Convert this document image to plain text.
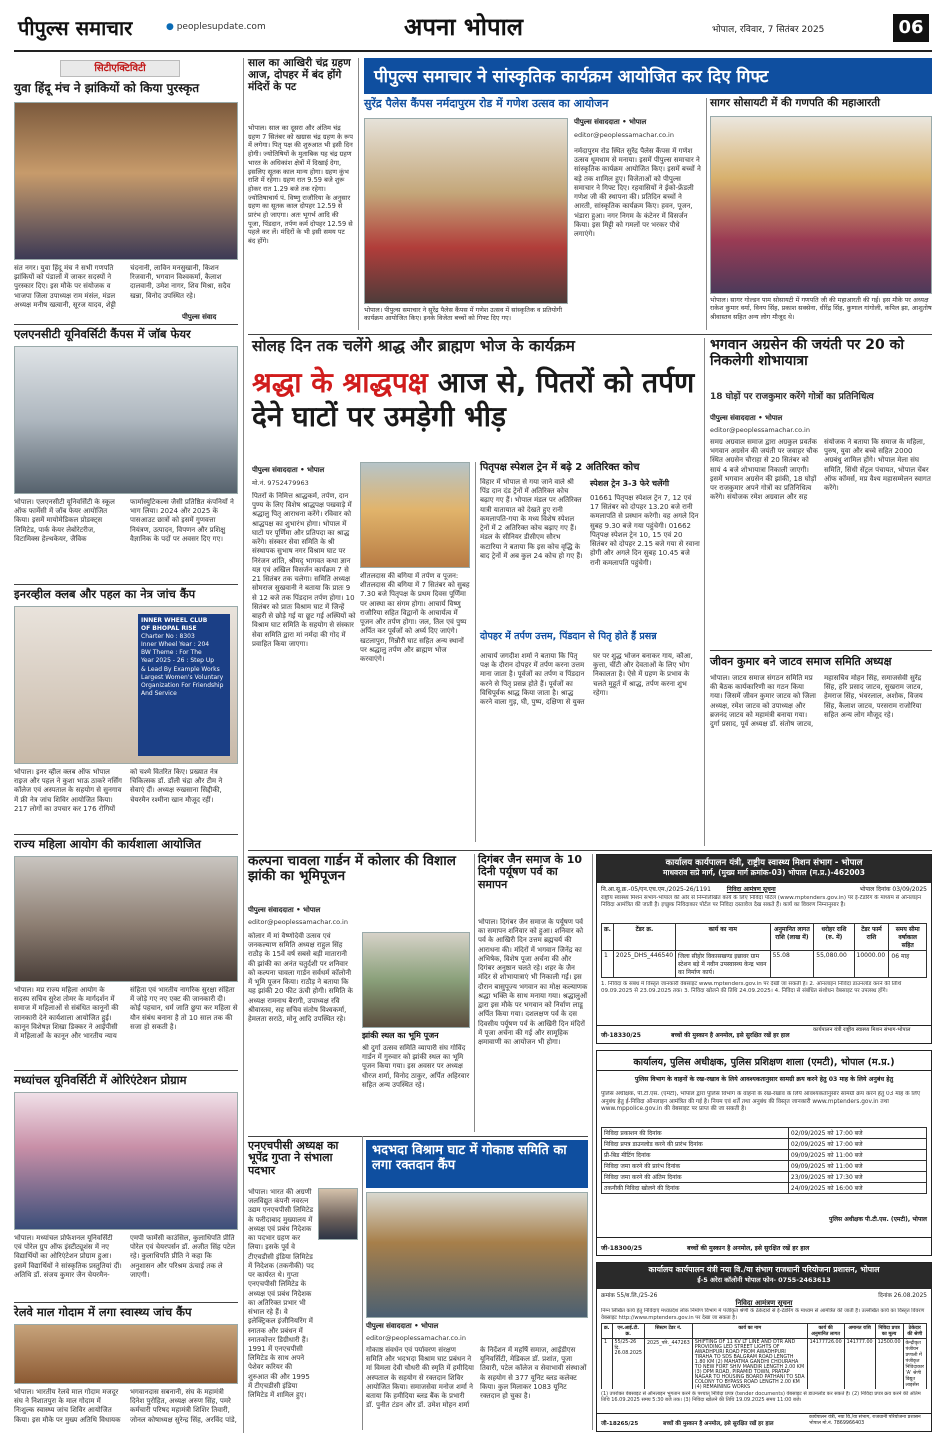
पीपुल्स समाचार	● peoplesupdate.com	अपना भोपाल	भोपाल, रविवार, 7 सितंबर 2025	06
सिटीएक्टिविटी
युवा हिंदू मंच ने झांकियों को किया पुरस्कृत
संत नगर। युवा हिंदू मंच ने सभी गणपति झांकियों को पंडालों में जाकर सदस्यों ने पुरस्कार दिए। इस मौके पर संयोजक व भाजपा जिला उपाध्यक्ष राम मंसंल, मंडल अध्यक्ष मनीष खत्वानी, सूरज यादव, शेट्टी चंदनानी, लाविन मनसुखानी, किशन रिजवानी, भगवान विश्वकर्मा, कैलाश दालवानी, उमेश नागर, शिव मिश्रा, सदैव खन्ना, विनोद उपस्थित रहे।
पीपुल्स संवाद
एलएनसीटी यूनिवर्सिटी कैंपस में जॉब फेयर
भोपाल। एलएनसीटी यूनिवर्सिटी के स्कूल ऑफ फार्मेसी में जॉब फेयर आयोजित किया। इसमें मायोमेडिकल प्रोडक्ट्स लिमिटेड, पार्क केयर लेबोरेटरीज, विटामिक्स हेल्थकेयर, जैविक फार्मास्युटिकल्स जैसी प्रतिष्ठित कंपनियों ने भाग लिया। 2024 और 2025 के पासआउट छात्रों को इसमें गुणवत्ता नियंत्रण, उत्पादन, विपणन और प्रशिक्षु वैज्ञानिक के पदों पर अवसर दिए गए।
इनरव्हील क्लब और पहल का नेत्र जांच कैंप
INNER WHEEL CLUB
OF BHOPAL RISE
Charter No : 8303
Inner Wheel Year : 204
BW Theme : For The
Year 2025 - 26 : Step Up
& Lead By Example Works
Largest Women's Voluntary
Organization For Friendship
And Service
भोपाल। इनर व्हील क्लब ऑफ भोपाल राइज और पहल ने कुशा भाऊ ठाकरे नर्सिंग कॉलेज एवं अस्पताल के सहयोग से सुनगाव में फ्री नेत्र जांच शिविर आयोजित किया। 217 लोगों का उपचार कर 176 रोगियों को चश्मे वितरित किए। प्रख्यात नेत्र चिकित्सक डॉ. डॉली चंद्रा और टीम ने सेवाएं दीं। अध्यक्ष रुखसाना सिद्दीकी, चेयरमैन रश्मीना खान मौजूद रहीं।
राज्य महिला आयोग की कार्यशाला आयोजित
भोपाल। मप्र राज्य महिला आयोग के सदस्य सचिव सुरेश तोमर के मार्गदर्शन में समाज में महिलाओं से संबंधित कानूनों की जानकारी देने कार्यशाला आयोजित हुई। कानून विशेषज्ञ शिखा डिक्कर ने आईपीसी में महिलाओं के कानून और भारतीय न्याय संहिता एवं भारतीय नागरिक सुरक्षा संहिता में जोड़े गए नए एक्ट की जानकारी दी। कोई पहचान, धर्म जाति छुपा कर महिला से यौन संबंध बनाना है तो 10 साल तक की सजा हो सकती है।
मध्यांचल यूनिवर्सिटी में ओरिएंटेशन प्रोग्राम
भोपाल। मध्यांचल प्रोफेशनल यूनिवर्सिटी एवं पोरेल ग्रुप ऑफ इंस्टीट्यूशंस में नए विद्यार्थियों का ओरिएंटेशन प्रोग्राम हुआ। इसमें विद्यार्थियों ने सांस्कृतिक प्रस्तुतियां दीं। अतिथि डॉ. संजय कुमार जैन चेयरमैन-एमपी फार्मेसी काउंसिल, कुलाधिपति प्रीति पोरेल एवं चेयरपर्सन डॉ. अजीत सिंह पटेल रहे। कुलाधिपति प्रीति ने कहा कि अनुशासन और परिश्रम ऊंचाई तक ले जाएगी।
रेलवे माल गोदाम में लगा स्वास्थ्य जांच कैंप
भोपाल। भारतीय रेलवे माल गोदाम मजदूर संघ ने निशातपुरा के माल गोदाम में निःशुल्क स्वास्थ्य जांच शिविर आयोजित किया। इस मौके पर मुख्य अतिथि विधायक भगवानदास सबनानी, संघ के महामंत्री दिनेश पुरोहित, अध्यक्ष अरुण सिंह, पमरे कर्मचारी परिषद महामंत्री शिशिर तिवारी, जोनल कोषाध्यक्ष सुरेन्द्र सिंह, अरविंद पांडे,
साल का आखिरी चंद्र ग्रहण आज, दोपहर में बंद होंगे मंदिरों के पट
भोपाल। साल का दूसरा और अंतिम चंद्र ग्रहण 7 सितंबर को खग्रास चंद्र ग्रहण के रूप में लगेगा। पितृ पक्ष की शुरुआत भी इसी दिन होगी। ज्योतिषियों के मुताबिक यह चंद्र ग्रहण भारत के अधिकांश क्षेत्रों में दिखाई देगा, इसलिए सूतक काल मान्य होगा। ग्रहण कुंभ राशि में रहेगा। ग्रहण रात 9.59 बजे शुरू होकर रात 1.29 बजे तक रहेगा। ज्योतिषाचार्य पं. विष्णु राजौरिया के अनुसार ग्रहण का सूतक काल दोपहर 12.59 से प्रारंभ हो जाएगा। अतः भूगर्भ आदि की पूजा, पिंडदान, तर्पण कर्म दोपहर 12.59 से पहले कर लें। मंदिरों के भी इसी समय पट बंद होंगे।
पीपुल्स समाचार ने सांस्कृतिक कार्यक्रम आयोजित कर दिए गिफ्ट
सुरेंद्र पैलेस कैंपस नर्मदापुरम रोड में गणेश उत्सव का आयोजन
भोपाल। पीपुल्स समाचार ने सुरेंद्र पैलेस कैंपस में गणेश उत्सव में सांस्कृतिक व प्रतियोगी कार्यक्रम आयोजित किए। इनके विजेता बच्चों को गिफ्ट दिए गए।
पीपुल्स संवाददाता • भोपाल
editor@peoplessamachar.co.in
नर्मदापुरम रोड स्थित सुरेंद्र पैलेस कैंपस में गणेश उत्सव धूमधाम से मनाया। इसमें पीपुल्स समाचार ने सांस्कृतिक कार्यक्रम आयोजित किए। इसमें बच्चों ने बड़े तक शामिल हुए। विजेताओं को पीपुल्स समाचार ने गिफ्ट दिए। रहवासियों ने ईको-फ्रेंडली गणेश जी की स्थापना की। प्रतिदिन बच्चों ने आरती, सांस्कृतिक कार्यक्रम किए। हवन, पूजन, भंडारा हुआ। नगर निगम के कंटेनर में विसर्जन किया। इस मिट्टी को गमलों पर भरकर पौधे लगाएंगे।
सागर सोसायटी में की गणपति की महाआरती
भोपाल। सागर गोल्डन पाम सोसायटी में गणपति जी की महाआरती की गई। इस मौके पर अध्यक्ष राकेश कुमार वर्मा, विनय सिंह, प्रकाश सक्सेना, धीरेंद्र सिंह, कुणाल गांगोली, कपिल झा, आशुतोष श्रीवास्तव सहित अन्य लोग मौजूद थे।
सोलह दिन तक चलेंगे श्राद्ध और ब्राह्मण भोज के कार्यक्रम
श्रद्धा के श्राद्धपक्ष आज से, पितरों को तर्पण देने घाटों पर उमड़ेगी भीड़
पीपुल्स संवाददाता • भोपाल
मो.नं. 9752479963
पितरों के निमित्त श्राद्धकर्म, तर्पण, दान पुण्य के लिए विशेष श्राद्धपक्ष पखवाड़े में श्रद्धालु पितृ आराधना करेंगे। रविवार को श्राद्धपक्ष का शुभारंभ होगा। भोपाल में घाटों पर पूर्णिमा और प्रतिपदा का श्राद्ध करेंगे। संस्कार सेवा समिति के श्री संस्थापक सुभाष नगर विश्राम घाट पर निरंजन शांति, श्रीमद् भागवत कथा ज्ञान यज्ञ एवं अखिल विसर्जन कार्यक्रम 7 से 21 सितंबर तक चलेगा। समिति अध्यक्ष सोमराज सुखवानी ने बताया कि प्रातः 9 से 12 बजे तक पिंडदान तर्पण होगा। 10 सितंबर को प्रातः विश्राम घाट में जिन्हें बाहरी से छोड़े गई या छूट गई अस्थियों को विश्राम घाट समिति के सहयोग से संस्कार सेवा समिति द्वारा मां नर्मदा की गोद में प्रवाहित किया जाएगा।
शीतलदास की बगिया में तर्पण व पूजन: शीतलदास की बगिया में 7 सितंबर को सुबह 7.30 बजे पितृपक्ष के प्रथम दिवस पूर्णिमा पर आस्था का संगम होगा। आचार्य विष्णु राजौरिया सहित विद्वानों के आचार्यत्व में पूजन और तर्पण होगा। जल, तिल एवं पुष्प अर्पित कर पूर्वजों को अर्घ्य दिए जाएंगे। खटलापुरा, गिन्नौरी घाट सहित अन्य स्थानों पर श्रद्धालु तर्पण और ब्राह्मण भोज करवाएंगे।
पितृपक्ष स्पेशल ट्रेन में बढ़े 2 अतिरिक्त कोच
विहार में भोपाल से गया जाने वाले श्री पिंड दान दंड ट्रेनों में अतिरिक्त कोच बढ़ाए गए हैं। भोपाल मंडल पर अतिरिक्त यात्री यातायात को देखते हुए रानी कमलापति-गया के मध्य विशेष स्पेशल ट्रेनों में 2 अतिरिक्त कोच बढ़ाए गए हैं। मंडल के सीनियर डीसीएम सौरभ कटारिया ने बताया कि इस कोच वृद्धि के बाद ट्रेनों में अब कुल 24 कोच हो गए हैं।
स्पेशल ट्रेन 3-3 फेरे चलेंगी
01661 पितृपक्ष स्पेशल ट्रेन 7, 12 एवं 17 सितंबर को दोपहर 13.20 बजे रानी कमलापति से प्रस्थान करेगी। वह अगले दिन सुबह 9.30 बजे गया पहुंचेगी। 01662 पितृपक्ष स्पेशल ट्रेन 10, 15 एवं 20 सितंबर को दोपहर 2.15 बजे गया से रवाना होगी और अगले दिन सुबह 10.45 बजे रानी कमलापति पहुंचेगी।
दोपहर में तर्पण उत्तम, पिंडदान से पितृ होते हैं प्रसन्न
आचार्य जगदीश शर्मा ने बताया कि पितृ पक्ष के दौरान दोपहर में तर्पण करना उत्तम माना जाता है। पूर्वजों का तर्पण व पिंडदान करने से पितृ प्रसन्न होते हैं। पूर्वजों का विधिपूर्वक श्राद्ध किया जाता है। श्राद्ध करने वाला गुड़, घी, पुष्प, दक्षिणा से युक्त घर पर शुद्ध भोजन बनाकर गाय, कौआ, कुत्ता, चींटी और देवताओं के लिए भोग निकालता है। ऐसे में ग्रहण के प्रभाव के चलते मुहूर्त में श्राद्ध, तर्पण करना शुभ रहेगा।
भगवान अग्रसेन की जयंती पर 20 को निकलेगी शोभायात्रा
18 घोड़ों पर राजकुमार करेंगे गोत्रों का प्रतिनिधित्व
पीपुल्स संवाददाता • भोपाल
editor@peoplessamachar.co.in
समग्र अग्रवाल समाज द्वारा अग्रकुल प्रवर्तक भगवान अग्रसेन की जयंती पर जवाहर चौक स्थित अग्रसेन चौराहा से 20 सितंबर को सायं 4 बजे शोभायात्रा निकाली जाएगी। इसमें भगवान अग्रसेन की झांकी, 18 घोड़ों पर राजकुमार अपने गोत्रों का प्रतिनिधित्व करेंगे। संयोजक रमेश अग्रवाल और सह संयोजक ने बताया कि समाज के महिला, पुरुष, युवा और बच्चे सहित 2000 अग्रबंधु शामिल होंगे। भोपाल मेला संघ समिति, सिंधी सेंट्रल पंचायत, भोपाल चेंबर ऑफ कॉमर्स, मप्र वैश्य महासम्मेलन स्वागत करेंगे।
जीवन कुमार बने जाटव समाज समिति अध्यक्ष
भोपाल। जाटव समाज संगठन समिति मप्र की बैठक कार्यकारिणी का गठन किया गया। जिसमें जीवन कुमार जाटव को जिला अध्यक्ष, रमेश जाटव को उपाध्यक्ष और ब्रजनंद जाटव को महामंत्री बनाया गया। दुर्गा प्रसाद, पूर्व अध्यक्ष डॉ. संतोष जाटव, महासचिव मोहन सिंह, समाजसेवी सुरेंद्र सिंह, हरि प्रसाद जाटव, सुखराम जाटव, हेमराज सिंह, भंवरलाल, अशोक, विजय सिंह, कैलाश जाटव, परसराम राजोरिया सहित अन्य लोग मौजूद रहे।
कल्पना चावला गार्डन में कोलार की विशाल झांकी का भूमिपूजन
पीपुल्स संवाददाता • भोपाल
editor@peoplessamachar.co.in
कोलार में मां वैष्णोदेवी उत्सव एवं जनकल्याण समिति अध्यक्ष राहुल सिंह राठौड़ के 15वें वर्ष सबसे बड़ी मातारानी की झांकी का अनंत चतुर्दशी पर शनिवार को कल्पना चावला गार्डन सर्वधर्म कॉलोनी में भूमि पूजन किया। राठौड़ ने बताया कि यह झांकी 20 फीट ऊंची होगी। समिति के अध्यक्ष रामनाथ बैरागी, उपाध्यक्ष रवि श्रीवास्तव, सह सचिव संतोष विश्वकर्मा, हेमलता सराठे, मोनू आदि उपस्थित रहे।
झांकी स्थल का भूमि पूजन
श्री दुर्गा उत्सव समिति व्यापारी संघ गोविंद गार्डन में गुरुवार को झांकी स्थल का भूमि पूजन किया गया। इस अवसर पर अध्यक्ष धीरज शर्मा, विनोद ठाकुर, अर्पित अहिरवार सहित अन्य उपस्थित रहे।
दिगंबर जैन समाज के 10 दिनी पर्यूषण पर्व का समापन
भोपाल। दिगंबर जैन समाज के पर्यूषण पर्व का समापन शनिवार को हुआ। शनिवार को पर्व के आखिरी दिन उत्तम ब्रह्मचर्य की आराधना की। मंदिरों में भगवान जिनेंद्र का अभिषेक, विशेष पूजा अर्चना की और दिगंबर अनुष्ठान चलते रहे। शहर के जैन मंदिर से शोभायात्राएं भी निकाली गईं। इस दौरान बासुपूज्य भगवान का मोक्ष कल्याणक श्रद्धा भक्ति के साथ मनाया गया। श्रद्धालुओं द्वारा इस मौके पर भगवान को निर्वाण लाडू अर्पित किया गया। दशलक्षण पर्व के दस दिवसीय पर्यूषण पर्व के आखिरी दिन मंदिरों में पूजा अर्चना की गई और सामूहिक क्षमावाणी का आयोजन भी होगा।
एनएचपीसी अध्यक्ष का भूपेंद्र गुप्ता ने संभाला पदभार
भोपाल। भारत की अग्रणी जलविद्युत कंपनी नवरत्न उद्यम एनएचपीसी लिमिटेड के फरीदाबाद मुख्यालय में अध्यक्ष एवं प्रबंध निदेशक का पदभार ग्रहण कर लिया। इसके पूर्व वे टीएचडीसी इंडिया लिमिटेड में निदेशक (तकनीकी) पद पर कार्यरत थे। गुप्ता एनएचपीसी लिमिटेड के अध्यक्ष एवं प्रबंध निदेशक का अतिरिक्त प्रभार भी संभाल रहे हैं। वे इलेक्ट्रिकल इंजीनियरिंग में स्नातक और प्रबंधन में स्नातकोत्तर डिग्रीधारी हैं। 1991 में एनएचपीसी लिमिटेड के साथ अपने पेशेवर करियर की शुरुआत की और 1995 में टीएचडीसी इंडिया लिमिटेड में शामिल हुए।
भदभदा विश्राम घाट में गोकाष्ठ समिति का लगा रक्तदान कैंप
पीपुल्स संवाददाता • भोपाल
editor@peoplessamachar.co.in
गोकाष्ठ संवर्धन एवं पर्यावरण संरक्षण समिति और भदभदा विश्राम घाट प्रबंधन ने मां विमला देवी चौधरी की स्मृति में हमीदिया अस्पताल के सहयोग से रक्तदान शिविर आयोजित किया। समाजसेवा मनोज शर्मा ने बताया कि हमीदिया ब्लड बैंक के प्रभारी डॉ. पुनीत टंडन और डॉ. उमेश मोहन शर्मा के निर्देशन में महर्षि समाज, आईडीएस यूनिवर्सिटी, मेडिकल डॉ. प्रशांत, पूजा तिवारी, पटेल कॉलेज व सेवाभावी संस्थाओं के सहयोग से 377 यूनिट ब्लड कलेक्ट किया। कुल मिलाकर 1083 यूनिट रक्तदान हो चुका है।
कार्यालय कार्यपालन यंत्री, राष्ट्रीय स्वास्थ्य मिशन संभाग - भोपाल
माधवराव सप्रे मार्ग, (मुख्य मार्ग क्रमांक-03) भोपाल (म.प्र.)-462003
नि.आ.सू.क्र.-05/एन.एच.एम./2025-26/1191	निविदा आमंत्रण सूचना	भोपाल दिनांक 03/09/2025
राष्ट्रीय स्वास्थ्य मिशन संभाग-भोपाल की ओर से निम्नलिखित कार्य के लिए निविदा पोर्टल (www.mptenders.gov.in) पर ई-टेंडरिंग के माध्यम से ऑनलाइन निविदा आमंत्रित की जाती है। इच्छुक निविदाकार पोर्टल पर निविदा दस्तावेज देख सकते हैं। कार्य का विवरण निम्नानुसार है।
क्र.	टेंडर क्र.	कार्य का नाम	अनुमानित लागत राशि (लाख में)	धरोहर राशि (रु. में)	टेंडर फार्म राशि	समय सीमा वर्षाकाल सहित
1	2025_DHS_446540	जिला सीहोर विकासखण्ड इछावर ग्राम स्टेशन बड़े में नवीन उपस्वास्थ्य केन्द्र भवन का निर्माण कार्य।	55.08	55,080.00	10000.00	06 माह
1. निविदा के संबंध में विस्तृत जानकारी वेबसाइट www.mptenders.gov.in पर देखी जा सकती है। 2. ऑनलाइन निविदा डाउनलोड करने की तिथि 09.09.2025 से 23.09.2025 तक। 3. निविदा खोलने की तिथि 24.09.2025। 4. निविदा से संबंधित संशोधन वेबसाइट पर उपलब्ध होंगे।
जी-18330/25	बच्चों की मुस्कान है अनमोल, इसे सुरक्षित रखें हर हाल
कार्यपालन यंत्री राष्ट्रीय स्वास्थ्य मिशन संभाग-भोपाल
कार्यालय, पुलिस अधीक्षक, पुलिस प्रशिक्षण शाला (एमटी), भोपाल (म.प्र.)
पुलिस विभाग के वाहनों के रख-रखाव के लिये आवश्यकतानुसार सामग्री क्रय करने हेतु 03 माह के लिये अनुबंध हेतु
पुलिस अधीक्षक, पी.टी.एस. (एमटी), भोपाल द्वारा पुलिस विभाग के वाहनों के रख-रखाव के लिये आवश्यकतानुसार सामग्री क्रय करने हेतु 03 माह के लिए अनुबंध हेतु ई-निविदा ऑनलाइन आमंत्रित की गई है। नियम एवं शर्तें तथा अनुबंध की विस्तृत जानकारी www.mptenders.gov.in तथा www.mppolice.gov.in की वेबसाइट पर प्राप्त की जा सकती है।
निविदा प्रकाशन की दिनांक	02/09/2025 को 17:00 बजे
निविदा प्रपत्र डाउनलोड करने की प्रारंभ दिनांक	02/09/2025 को 17:00 बजे
प्री-बिड मीटिंग दिनांक	09/09/2025 को 11:00 बजे
निविदा जमा करने की प्रारंभ दिनांक	09/09/2025 को 11:00 बजे
निविदा जमा करने की अंतिम दिनांक	23/09/2025 को 17:30 बजे
तकनीकी निविदा खोलने की दिनांक	24/09/2025 को 16:00 बजे
पुलिस अधीक्षक पी.टी.एस. (एमटी), भोपाल
जी-18300/25	बच्चों की मुस्कान है अनमोल, इसे सुरक्षित रखें हर हाल
कार्यालय कार्यपालन यंत्री नया वि./या संभाग राजधानी परियोजना प्रशासन, भोपाल
ई-5 अरेरा कॉलोनी भोपाल फोन- 0755-2463613
क्रमांक 55/ब.लि./25-26	दिनांक 26.08.2025
निविदा आमंत्रण सूचना
निम्न लिखित कार्य हेतु निविदाएं मध्यप्रदेश लोक निर्माण विभाग में पंजीकृत श्रेणी के ठेकेदारों से ई-टेंडरिंग के माध्यम से आमंत्रित की जाती है। उल्लेखित कार्य का विस्तृत विवरण वेबसाइट http://www.mptenders.gov.in पर देखा जा सकता है।
क्र.	एन.आई.टी. क्र.	सिस्टम टेंडर नं.	कार्य का नाम	कार्य की अनुमानित लागत	अमानत राशि	निविदा प्रपत्र का मूल्य	ठेकेदार की श्रेणी
1	55/25-26 दि. 26.08.2025	2025_परि._447263	SHIFTING OF 11 KV LT LINE AND DTR AND PROVIDING LED STREET LIGHTS OF AWADHPURI ROAD FROM AWADHPURI TIRAHA TO SDS BALGRAM ROAD LENGTH 1.80 KM (2) MAHATMA GANDHI CHOURAHA TO NEW FORT SHIV MANDIR LENGTH 2.00 KM (3) DPM ROAD, PIRAMID TOWN, PRATAP NAGAR TO HOUSING BOARD PATHANI TO SDA COLONY TO BYPASS ROAD LENGTH 2.00 KM (4) REMAINING WORKS	14177726.00	141777.00	12500.00	केन्द्रीकृत पंजीयन प्रणाली में पंजीकृत निविदाकार 'A' श्रेणी विद्युत लाइसेंस
(1) उपरोक्त वेबसाइट से ऑनलाइन भुगतान करने के पश्चात् निविदा प्रपत्र (tender documents) वेबसाइट से डाउनलोड कर सकते हैं। (2) निविदा प्रपत्र क्रय करने की अंतिम तिथि 16.09.2025 समय 5:30 बजे तक। (3) निविदा खोलने की तिथि 19.09.2025 समय 11:00 बजे।
जी-18265/25	बच्चों की मुस्कान है अनमोल, इसे सुरक्षित रखें हर हाल
कार्यपालन यंत्री, नया वि./या संभाग, राजधानी परियोजना प्रशासन भोपाल मो.नं. 7869966403
